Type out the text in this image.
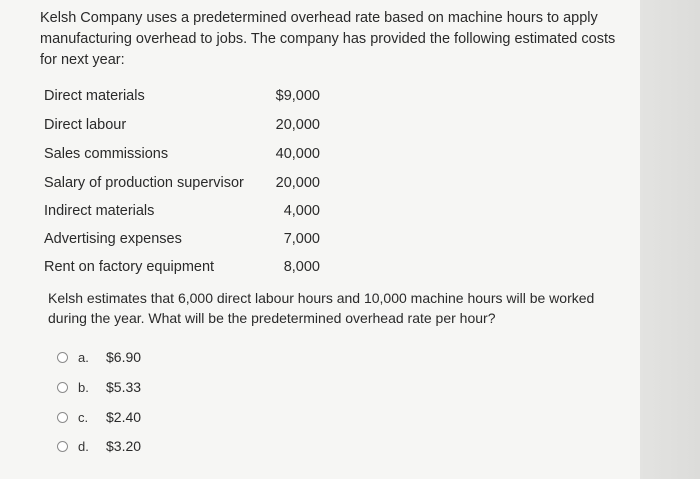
Kelsh Company uses a predetermined overhead rate based on machine hours to apply manufacturing overhead to jobs. The company has provided the following estimated costs for next year:

Direct materials	$9,000
Direct labour	20,000
Sales commissions	40,000
Salary of production supervisor 20,000
Indirect materials	4,000
Advertising expenses	7,000
Rent on factory equipment	8,000

Kelsh estimates that 6,000 direct labour hours and 10,000 machine hours will be worked during the year. What will be the predetermined overhead rate per hour?

a.	$6.90
b.	$5.33
c.	$2.40
d.	$3.20
